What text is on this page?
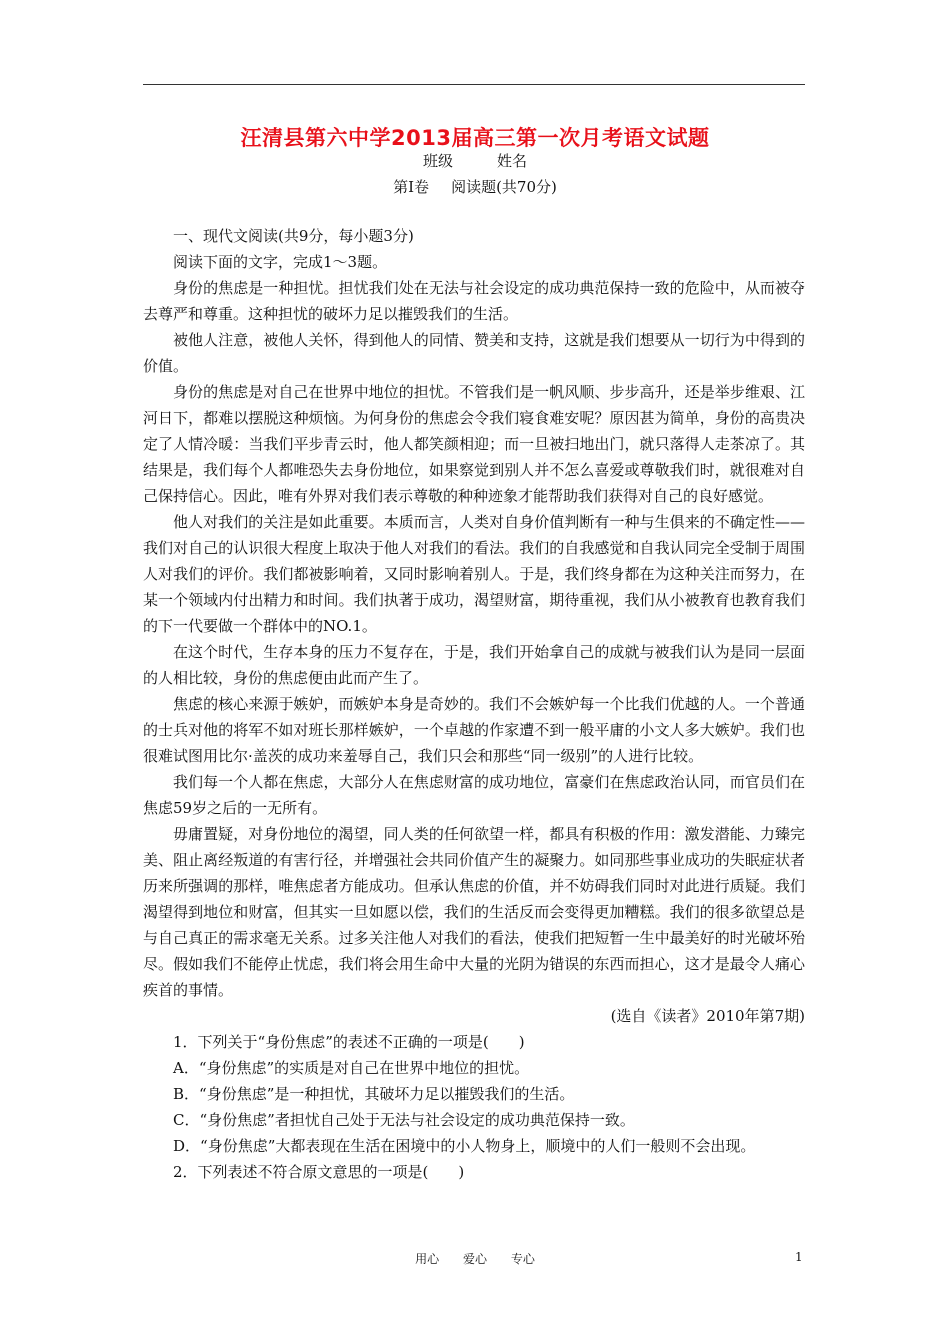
汪清县第六中学2013届高三第一次月考语文试题
班级	姓名
第Ⅰ卷 阅读题(共70分)

一、现代文阅读(共9分，每小题3分)

阅读下面的文字，完成1～3题。

身份的焦虑是一种担忧。担忧我们处在无法与社会设定的成功典范保持一致的危险中，从而被夺去尊严和尊重。这种担忧的破坏力足以摧毁我们的生活。

被他人注意，被他人关怀，得到他人的同情、赞美和支持，这就是我们想要从一切行为中得到的价值。

身份的焦虑是对自己在世界中地位的担忧。不管我们是一帆风顺、步步高升，还是举步维艰、江河日下，都难以摆脱这种烦恼。为何身份的焦虑会令我们寝食难安呢？原因甚为简单，身份的高贵决定了人情冷暖：当我们平步青云时，他人都笑颜相迎；而一旦被扫地出门，就只落得人走茶凉了。其结果是，我们每个人都唯恐失去身份地位，如果察觉到别人并不怎么喜爱或尊敬我们时，就很难对自己保持信心。因此，唯有外界对我们表示尊敬的种种迹象才能帮助我们获得对自己的良好感觉。

他人对我们的关注是如此重要。本质而言，人类对自身价值判断有一种与生俱来的不确定性——我们对自己的认识很大程度上取决于他人对我们的看法。我们的自我感觉和自我认同完全受制于周围人对我们的评价。我们都被影响着，又同时影响着别人。于是，我们终身都在为这种关注而努力，在某一个领域内付出精力和时间。我们执著于成功，渴望财富，期待重视，我们从小被教育也教育我们的下一代要做一个群体中的NO.1。

在这个时代，生存本身的压力不复存在，于是，我们开始拿自己的成就与被我们认为是同一层面的人相比较，身份的焦虑便由此而产生了。

焦虑的核心来源于嫉妒，而嫉妒本身是奇妙的。我们不会嫉妒每一个比我们优越的人。一个普通的士兵对他的将军不如对班长那样嫉妒，一个卓越的作家遭不到一般平庸的小文人多大嫉妒。我们也很难试图用比尔·盖茨的成功来羞辱自己，我们只会和那些“同一级别”的人进行比较。

我们每一个人都在焦虑，大部分人在焦虑财富的成功地位，富豪们在焦虑政治认同，而官员们在焦虑59岁之后的一无所有。

毋庸置疑，对身份地位的渴望，同人类的任何欲望一样，都具有积极的作用：激发潜能、力臻完美、阻止离经叛道的有害行径，并增强社会共同价值产生的凝聚力。如同那些事业成功的失眠症状者历来所强调的那样，唯焦虑者方能成功。但承认焦虑的价值，并不妨碍我们同时对此进行质疑。我们渴望得到地位和财富，但其实一旦如愿以偿，我们的生活反而会变得更加糟糕。我们的很多欲望总是与自己真正的需求毫无关系。过多关注他人对我们的看法，使我们把短暂一生中最美好的时光破坏殆尽。假如我们不能停止忧虑，我们将会用生命中大量的光阴为错误的东西而担心，这才是最令人痛心疾首的事情。

(选自《读者》2010年第7期)

1．下列关于“身份焦虑”的表述不正确的一项是(　　)

A．“身份焦虑”的实质是对自己在世界中地位的担忧。

B．“身份焦虑”是一种担忧，其破坏力足以摧毁我们的生活。

C．“身份焦虑”者担忧自己处于无法与社会设定的成功典范保持一致。

D．“身份焦虑”大都表现在生活在困境中的小人物身上，顺境中的人们一般则不会出现。

2．下列表述不符合原文意思的一项是(　　)

用心 爱心 专心	1
